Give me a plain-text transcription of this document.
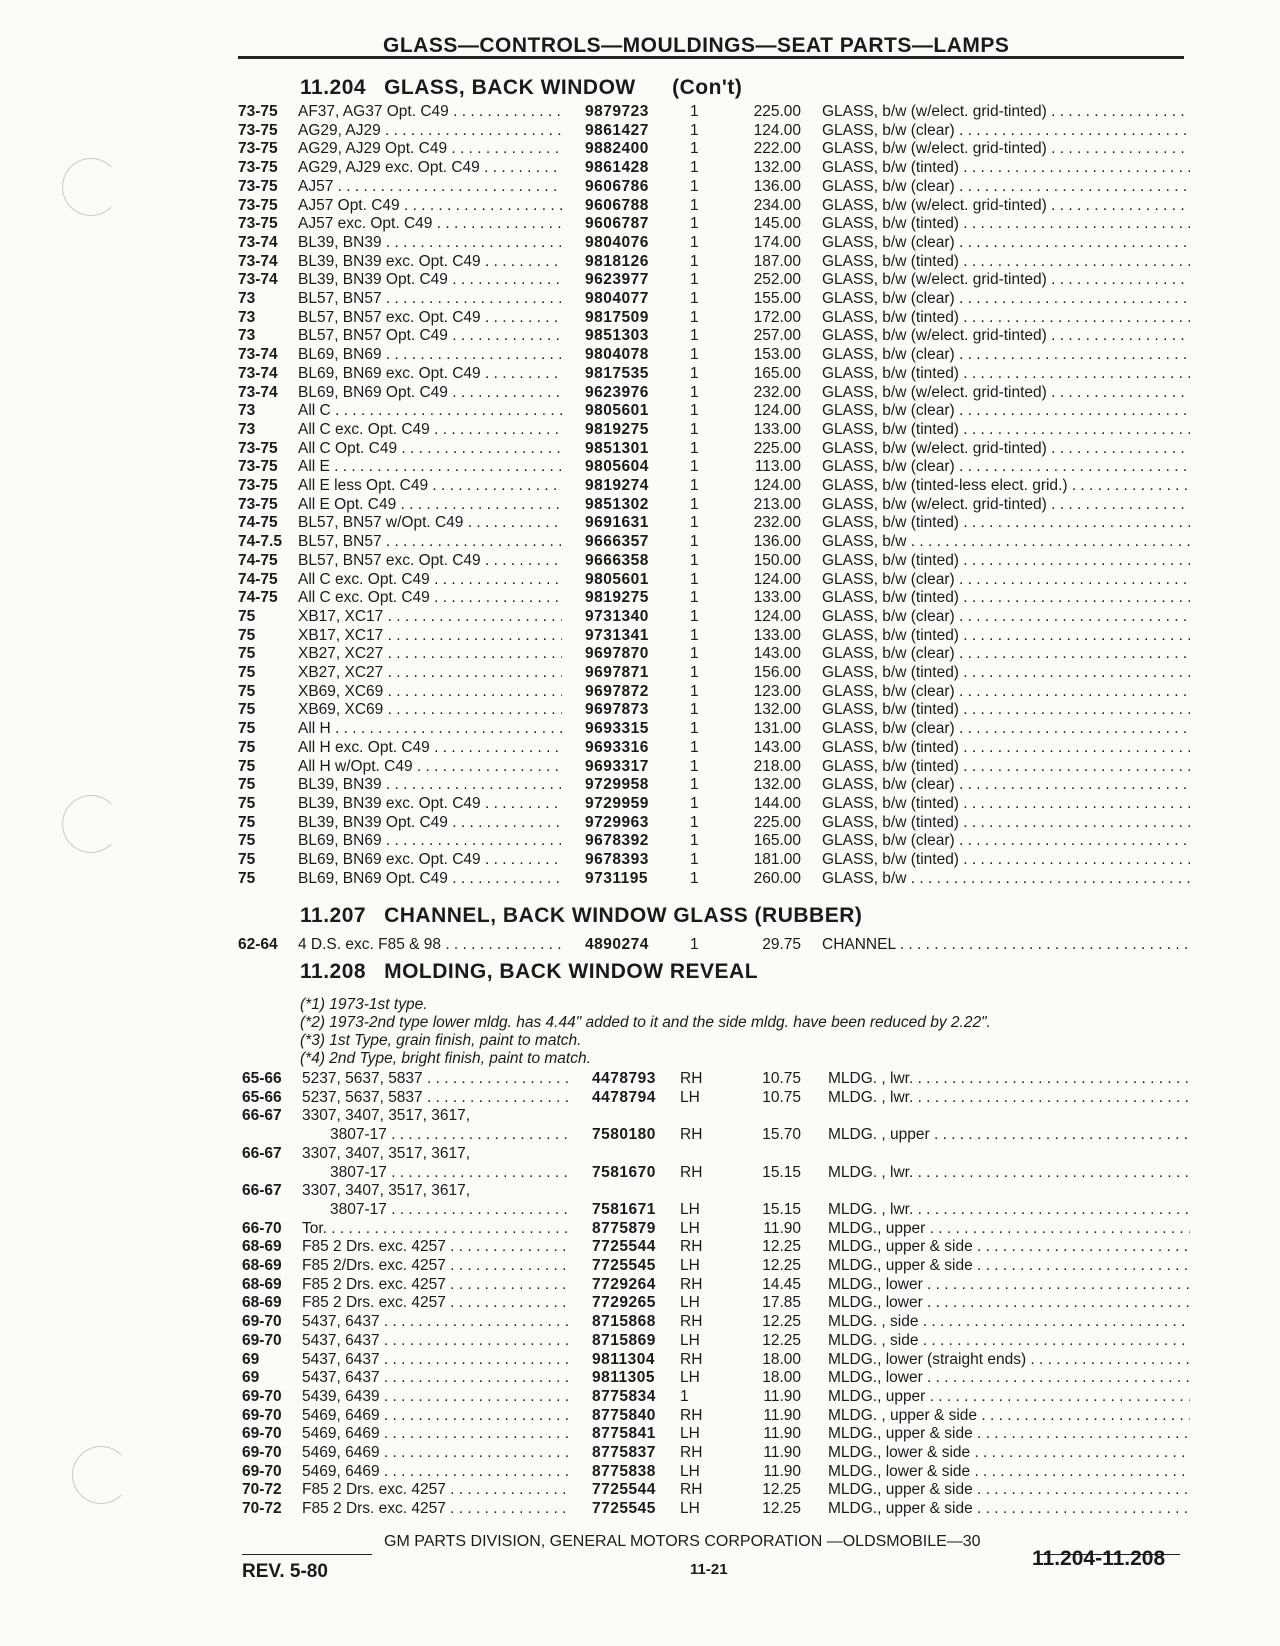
GLASS—CONTROLS—MOULDINGS—SEAT PARTS—LAMPS
11.204 GLASS, BACK WINDOW (Con't)
73-75 AF37, AG37 Opt. C49 . . .	9879723	1	225.00 GLASS, b/w (w/elect. grid-tinted) . . .
73-75 AG29, AJ29 . . .	9861427	1	124.00 GLASS, b/w (clear) . . .
73-75 AG29, AJ29 Opt. C49 . . .	9882400	1	222.00 GLASS, b/w (w/elect. grid-tinted) . . .
73-75 AG29, AJ29 exc. Opt. C49 . . .	9861428	1	132.00 GLASS, b/w (tinted) . . .
73-75 AJ57 . . .	9606786	1	136.00 GLASS, b/w (clear) . . .
73-75 AJ57 Opt. C49 . . .	9606788	1	234.00 GLASS, b/w (w/elect. grid-tinted) . . .
73-75 AJ57 exc. Opt. C49 . . .	9606787	1	145.00 GLASS, b/w (tinted) . . .
73-74 BL39, BN39 . . .	9804076	1	174.00 GLASS, b/w (clear) . . .
73-74 BL39, BN39 exc. Opt. C49 . . .	9818126	1	187.00 GLASS, b/w (tinted) . . .
73-74 BL39, BN39 Opt. C49 . . .	9623977	1	252.00 GLASS, b/w (w/elect. grid-tinted) . . .
73	BL57, BN57 . . .	9804077	1	155.00 GLASS, b/w (clear) . . .
73	BL57, BN57 exc. Opt. C49 . . .	9817509	1	172.00 GLASS, b/w (tinted) . . .
73	BL57, BN57 Opt. C49 . . .	9851303	1	257.00 GLASS, b/w (w/elect. grid-tinted) . . .
73-74 BL69, BN69 . . .	9804078	1	153.00 GLASS, b/w (clear) . . .
73-74 BL69, BN69 exc. Opt. C49 . . .	9817535	1	165.00 GLASS, b/w (tinted) . . .
73-74 BL69, BN69 Opt. C49 . . .	9623976	1	232.00 GLASS, b/w (w/elect. grid-tinted) . . .
73	All C . . .	9805601	1	124.00 GLASS, b/w (clear) . . .
73	All C exc. Opt. C49 . . .	9819275	1	133.00 GLASS, b/w (tinted) . . .
73-75 All C Opt. C49 . . .	9851301	1	225.00 GLASS, b/w (w/elect. grid-tinted) . . .
73-75 All E . . .	9805604	1	113.00 GLASS, b/w (clear) . . .
73-75 All E less Opt. C49 . . .	9819274	1	124.00 GLASS, b/w (tinted-less elect. grid.) . . .
73-75 All E Opt. C49 . . .	9851302	1	213.00 GLASS, b/w (w/elect. grid-tinted) . . .
74-75 BL57, BN57 w/Opt. C49 . . .	9691631	1	232.00 GLASS, b/w (tinted) . . .
74-7.5 BL57, BN57 . . .	9666357	1	136.00 GLASS, b/w . . .
74-75 BL57, BN57 exc. Opt. C49 . . .	9666358	1	150.00 GLASS, b/w (tinted) . . .
74-75 All C exc. Opt. C49 . . .	9805601	1	124.00 GLASS, b/w (clear) . . .
74-75 All C exc. Opt. C49 . . .	9819275	1	133.00 GLASS, b/w (tinted) . . .
75	XB17, XC17 . . .	9731340	1	124.00 GLASS, b/w (clear) . . .
75	XB17, XC17 . . .	9731341	1	133.00 GLASS, b/w (tinted) . . .
75	XB27, XC27 . . .	9697870	1	143.00 GLASS, b/w (clear) . . .
75	XB27, XC27 . . .	9697871	1	156.00 GLASS, b/w (tinted) . . .
75	XB69, XC69 . . .	9697872	1	123.00 GLASS, b/w (clear) . . .
75	XB69, XC69 . . .	9697873	1	132.00 GLASS, b/w (tinted) . . .
75	All H . . .	9693315	1	131.00 GLASS, b/w (clear) . . .
75	All H exc. Opt. C49 . . .	9693316	1	143.00 GLASS, b/w (tinted) . . .
75	All H w/Opt. C49 . . .	9693317	1	218.00 GLASS, b/w (tinted) . . .
75	BL39, BN39 . . .	9729958	1	132.00 GLASS, b/w (clear) . . .
75	BL39, BN39 exc. Opt. C49 . . .	9729959	1	144.00 GLASS, b/w (tinted) . . .
75	BL39, BN39 Opt. C49 . . .	9729963	1	225.00 GLASS, b/w (tinted) . . .
75	BL69, BN69 . . .	9678392	1	165.00 GLASS, b/w (clear) . . .
75	BL69, BN69 exc. Opt. C49 . . .	9678393	1	181.00 GLASS, b/w (tinted) . . .
75	BL69, BN69 Opt. C49 . . .	9731195	1	260.00 GLASS, b/w . . .
11.207 CHANNEL, BACK WINDOW GLASS (RUBBER)
62-64 4 D.S. exc. F85 & 98 . . .	4890274	1	29.75 CHANNEL . . .
11.208 MOLDING, BACK WINDOW REVEAL
(*1) 1973-1st type.
(*2) 1973-2nd type lower mldg. has 4.44" added to it and the side mldg. have been reduced by 2.22".
(*3) 1st Type, grain finish, paint to match.
(*4) 2nd Type, bright finish, paint to match.
65-66 5237, 5637, 5837 . . .	4478793 RH	10.75 MLDG. , lwr. . . .
65-66 5237, 5637, 5837 . . .	4478794 LH	10.75 MLDG. , lwr. . . .
66-67 3307, 3407, 3517, 3617,
3807-17 . . .	7580180 RH	15.70 MLDG. , upper . . .
66-67 3307, 3407, 3517, 3617,
3807-17 . . .	7581670 RH	15.15 MLDG. , lwr. . . .
66-67 3307, 3407, 3517, 3617,
3807-17 . . .	7581671 LH	15.15 MLDG. , lwr. . . .
66-70 Tor. . . .	8775879 LH	11.90 MLDG., upper . . .
68-69 F85 2 Drs. exc. 4257 . . .	7725544 RH	12.25 MLDG., upper & side . . .
68-69 F85 2/Drs. exc. 4257 . . .	7725545 LH	12.25 MLDG., upper & side . . .
68-69 F85 2 Drs. exc. 4257 . . .	7729264 RH	14.45 MLDG., lower . . .
68-69 F85 2 Drs. exc. 4257 . . .	7729265 LH	17.85 MLDG., lower . . .
69-70 5437, 6437 . . .	8715868 RH	12.25 MLDG. , side . . .
69-70 5437, 6437 . . .	8715869 LH	12.25 MLDG. , side . . .
69	5437, 6437 . . .	9811304 RH	18.00 MLDG., lower (straight ends) . . .
69	5437, 6437 . . .	9811305 LH	18.00 MLDG., lower . . .
69-70 5439, 6439 . . .	8775834 1	11.90 MLDG., upper . . .
69-70 5469, 6469 . . .	8775840 RH	11.90 MLDG. , upper & side . . .
69-70 5469, 6469 . . .	8775841 LH	11.90 MLDG., upper & side . . .
69-70 5469, 6469 . . .	8775837 RH	11.90 MLDG., lower & side . . .
69-70 5469, 6469 . . .	8775838 LH	11.90 MLDG., lower & side . . .
70-72 F85 2 Drs. exc. 4257 . . .	7725544 RH	12.25 MLDG., upper & side . . .
70-72 F85 2 Drs. exc. 4257 . . .	7725545 LH	12.25 MLDG., upper & side . . .
GM PARTS DIVISION, GENERAL MOTORS CORPORATION —OLDSMOBILE—30
REV. 5-80	11-21	11.204-11.208
